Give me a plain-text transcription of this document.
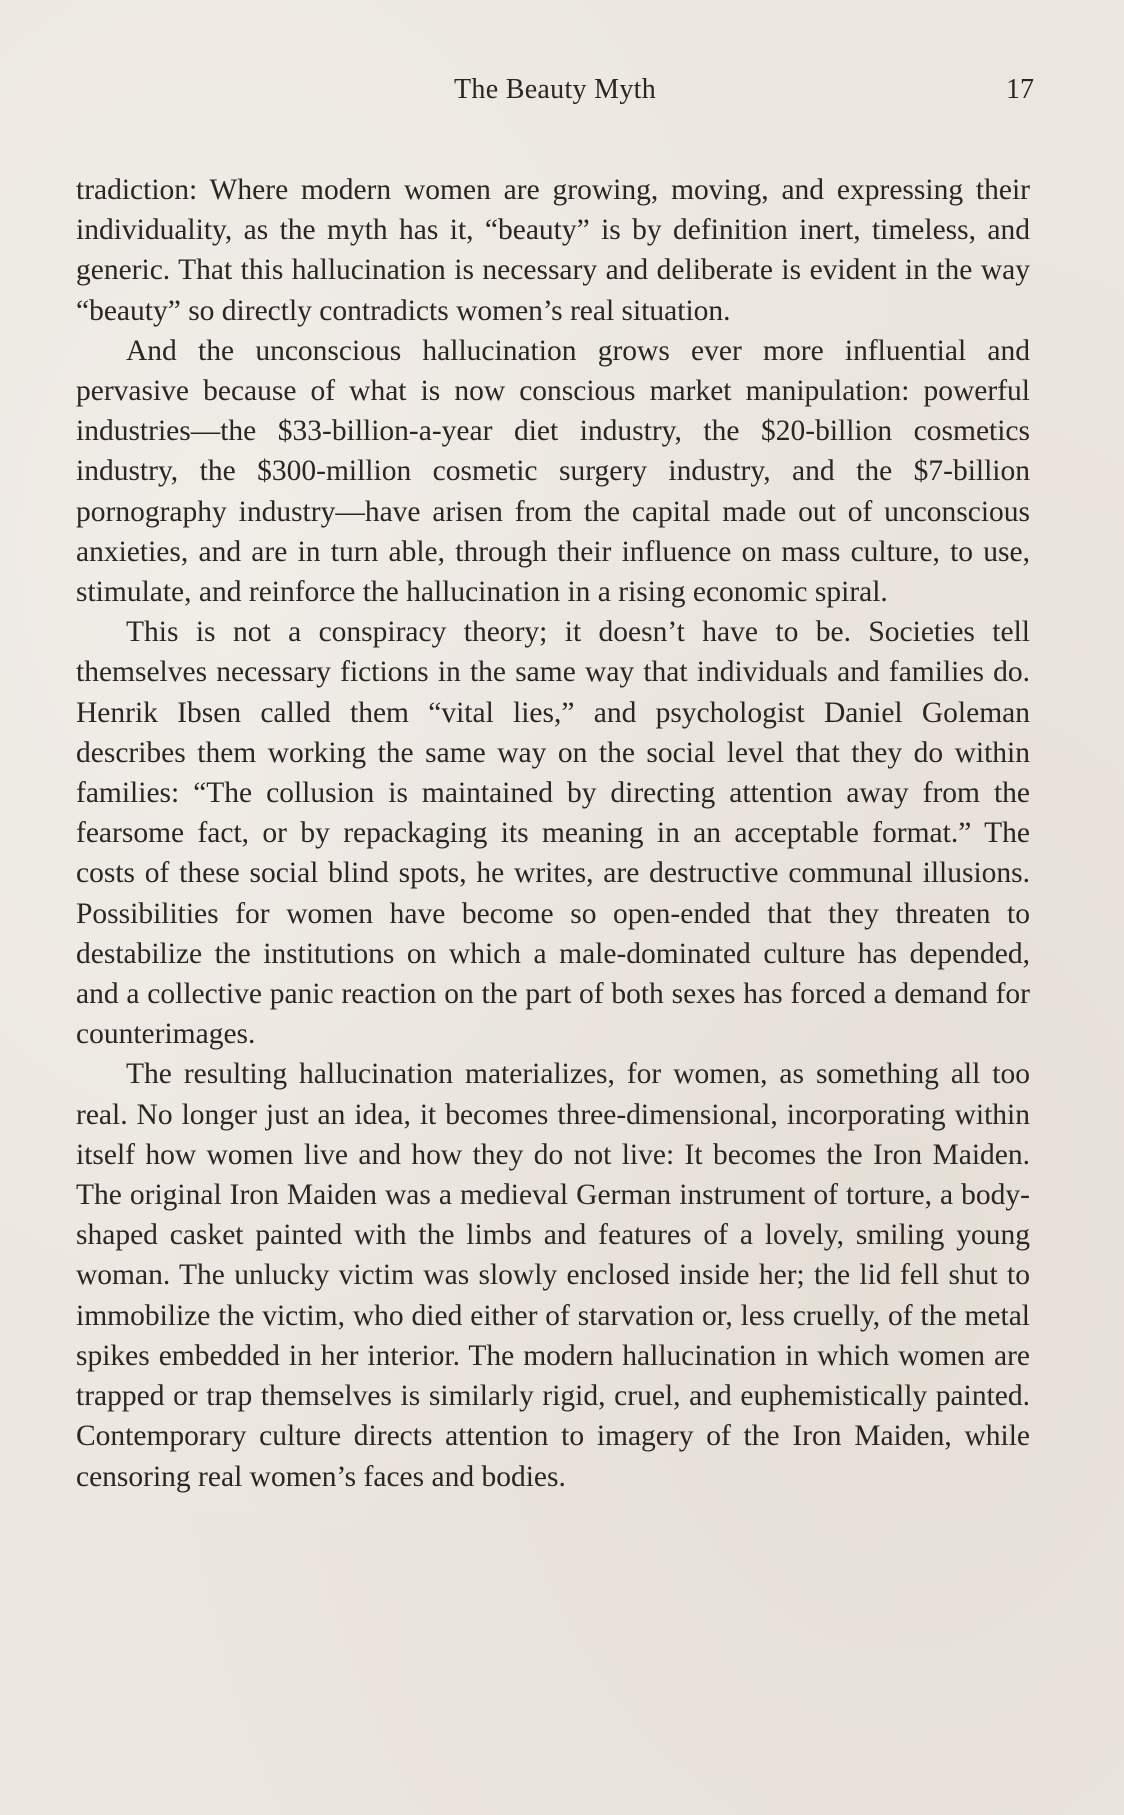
The Beauty Myth	17

tradiction: Where modern women are growing, moving, and expressing their individuality, as the myth has it, “beauty” is by definition inert, timeless, and generic. That this hallucination is necessary and deliberate is evident in the way “beauty” so directly contradicts women’s real situation.

And the unconscious hallucination grows ever more influential and pervasive because of what is now conscious market manipulation: powerful industries—the $33-billion-a-year diet industry, the $20-billion cosmetics industry, the $300-million cosmetic surgery industry, and the $7-billion pornography industry—have arisen from the capital made out of unconscious anxieties, and are in turn able, through their influence on mass culture, to use, stimulate, and reinforce the hallucination in a rising economic spiral.

This is not a conspiracy theory; it doesn’t have to be. Societies tell themselves necessary fictions in the same way that individuals and families do. Henrik Ibsen called them “vital lies,” and psychologist Daniel Goleman describes them working the same way on the social level that they do within families: “The collusion is maintained by directing attention away from the fearsome fact, or by repackaging its meaning in an acceptable format.” The costs of these social blind spots, he writes, are destructive communal illusions. Possibilities for women have become so open-ended that they threaten to destabilize the institutions on which a male-dominated culture has depended, and a collective panic reaction on the part of both sexes has forced a demand for counterimages.

The resulting hallucination materializes, for women, as something all too real. No longer just an idea, it becomes three-dimensional, incorporating within itself how women live and how they do not live: It becomes the Iron Maiden. The original Iron Maiden was a medieval German instrument of torture, a body-shaped casket painted with the limbs and features of a lovely, smiling young woman. The unlucky victim was slowly enclosed inside her; the lid fell shut to immobilize the victim, who died either of starvation or, less cruelly, of the metal spikes embedded in her interior. The modern hallucination in which women are trapped or trap themselves is similarly rigid, cruel, and euphemistically painted. Contemporary culture directs attention to imagery of the Iron Maiden, while censoring real women’s faces and bodies.
